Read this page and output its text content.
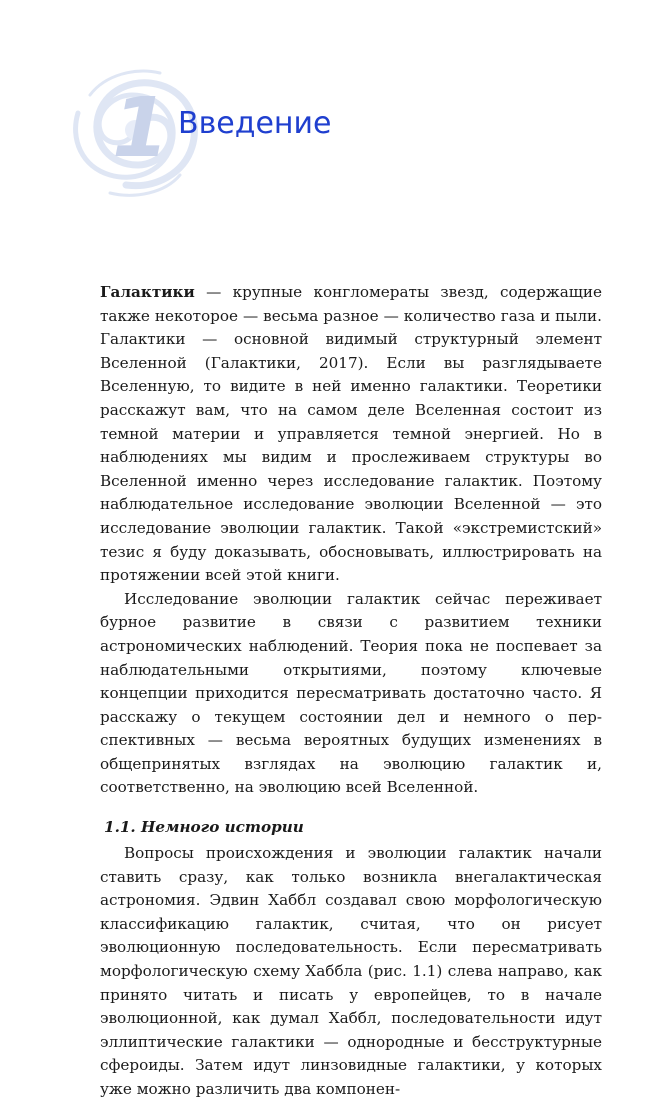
1 Введение

Галактики — крупные конгломераты звезд, содержащие также некоторое — весьма разное — количество газа и пыли. Галактики — основной видимый структурный элемент Вселенной (Галактики, 2017). Если вы разглядываете Вселенную, то видите в ней именно галактики. Теоретики расскажут вам, что на самом деле Вселенная состоит из темной материи и управляется темной энергией. Но в наблюдениях мы видим и прослеживаем структуры во Вселенной именно через исследование галактик. Поэтому наблюдательное исследование эволюции Вселенной — это исследование эволюции галактик. Такой «экстремистский» тезис я буду доказывать, обосновывать, иллюстрировать на протяжении всей этой книги.

Исследование эволюции галактик сейчас переживает бурное развитие в связи с развитием техники астрономических наблюдений. Теория пока не поспевает за наблюдательными открытиями, поэтому ключевые концепции приходится пересматривать достаточно часто. Я расскажу о текущем состоянии дел и немного о перспективных — весьма вероятных будущих изменениях в общепринятых взглядах на эволюцию галактик и, соответственно, на эволюцию всей Вселенной.

1.1. Немного истории

Вопросы происхождения и эволюции галактик начали ставить сразу, как только возникла внегалактическая астрономия. Эдвин Хаббл создавал свою морфологическую классификацию галактик, считая, что он рисует эволюционную последовательность. Если пересматривать морфологическую схему Хаббла (рис. 1.1) слева направо, как принято читать и писать у европейцев, то в начале эволюционной, как думал Хаббл, последовательности идут эллиптические галактики — однородные и бесструктурные сфероиды. Затем идут линзовидные галактики, у которых уже можно различить два компонен-
